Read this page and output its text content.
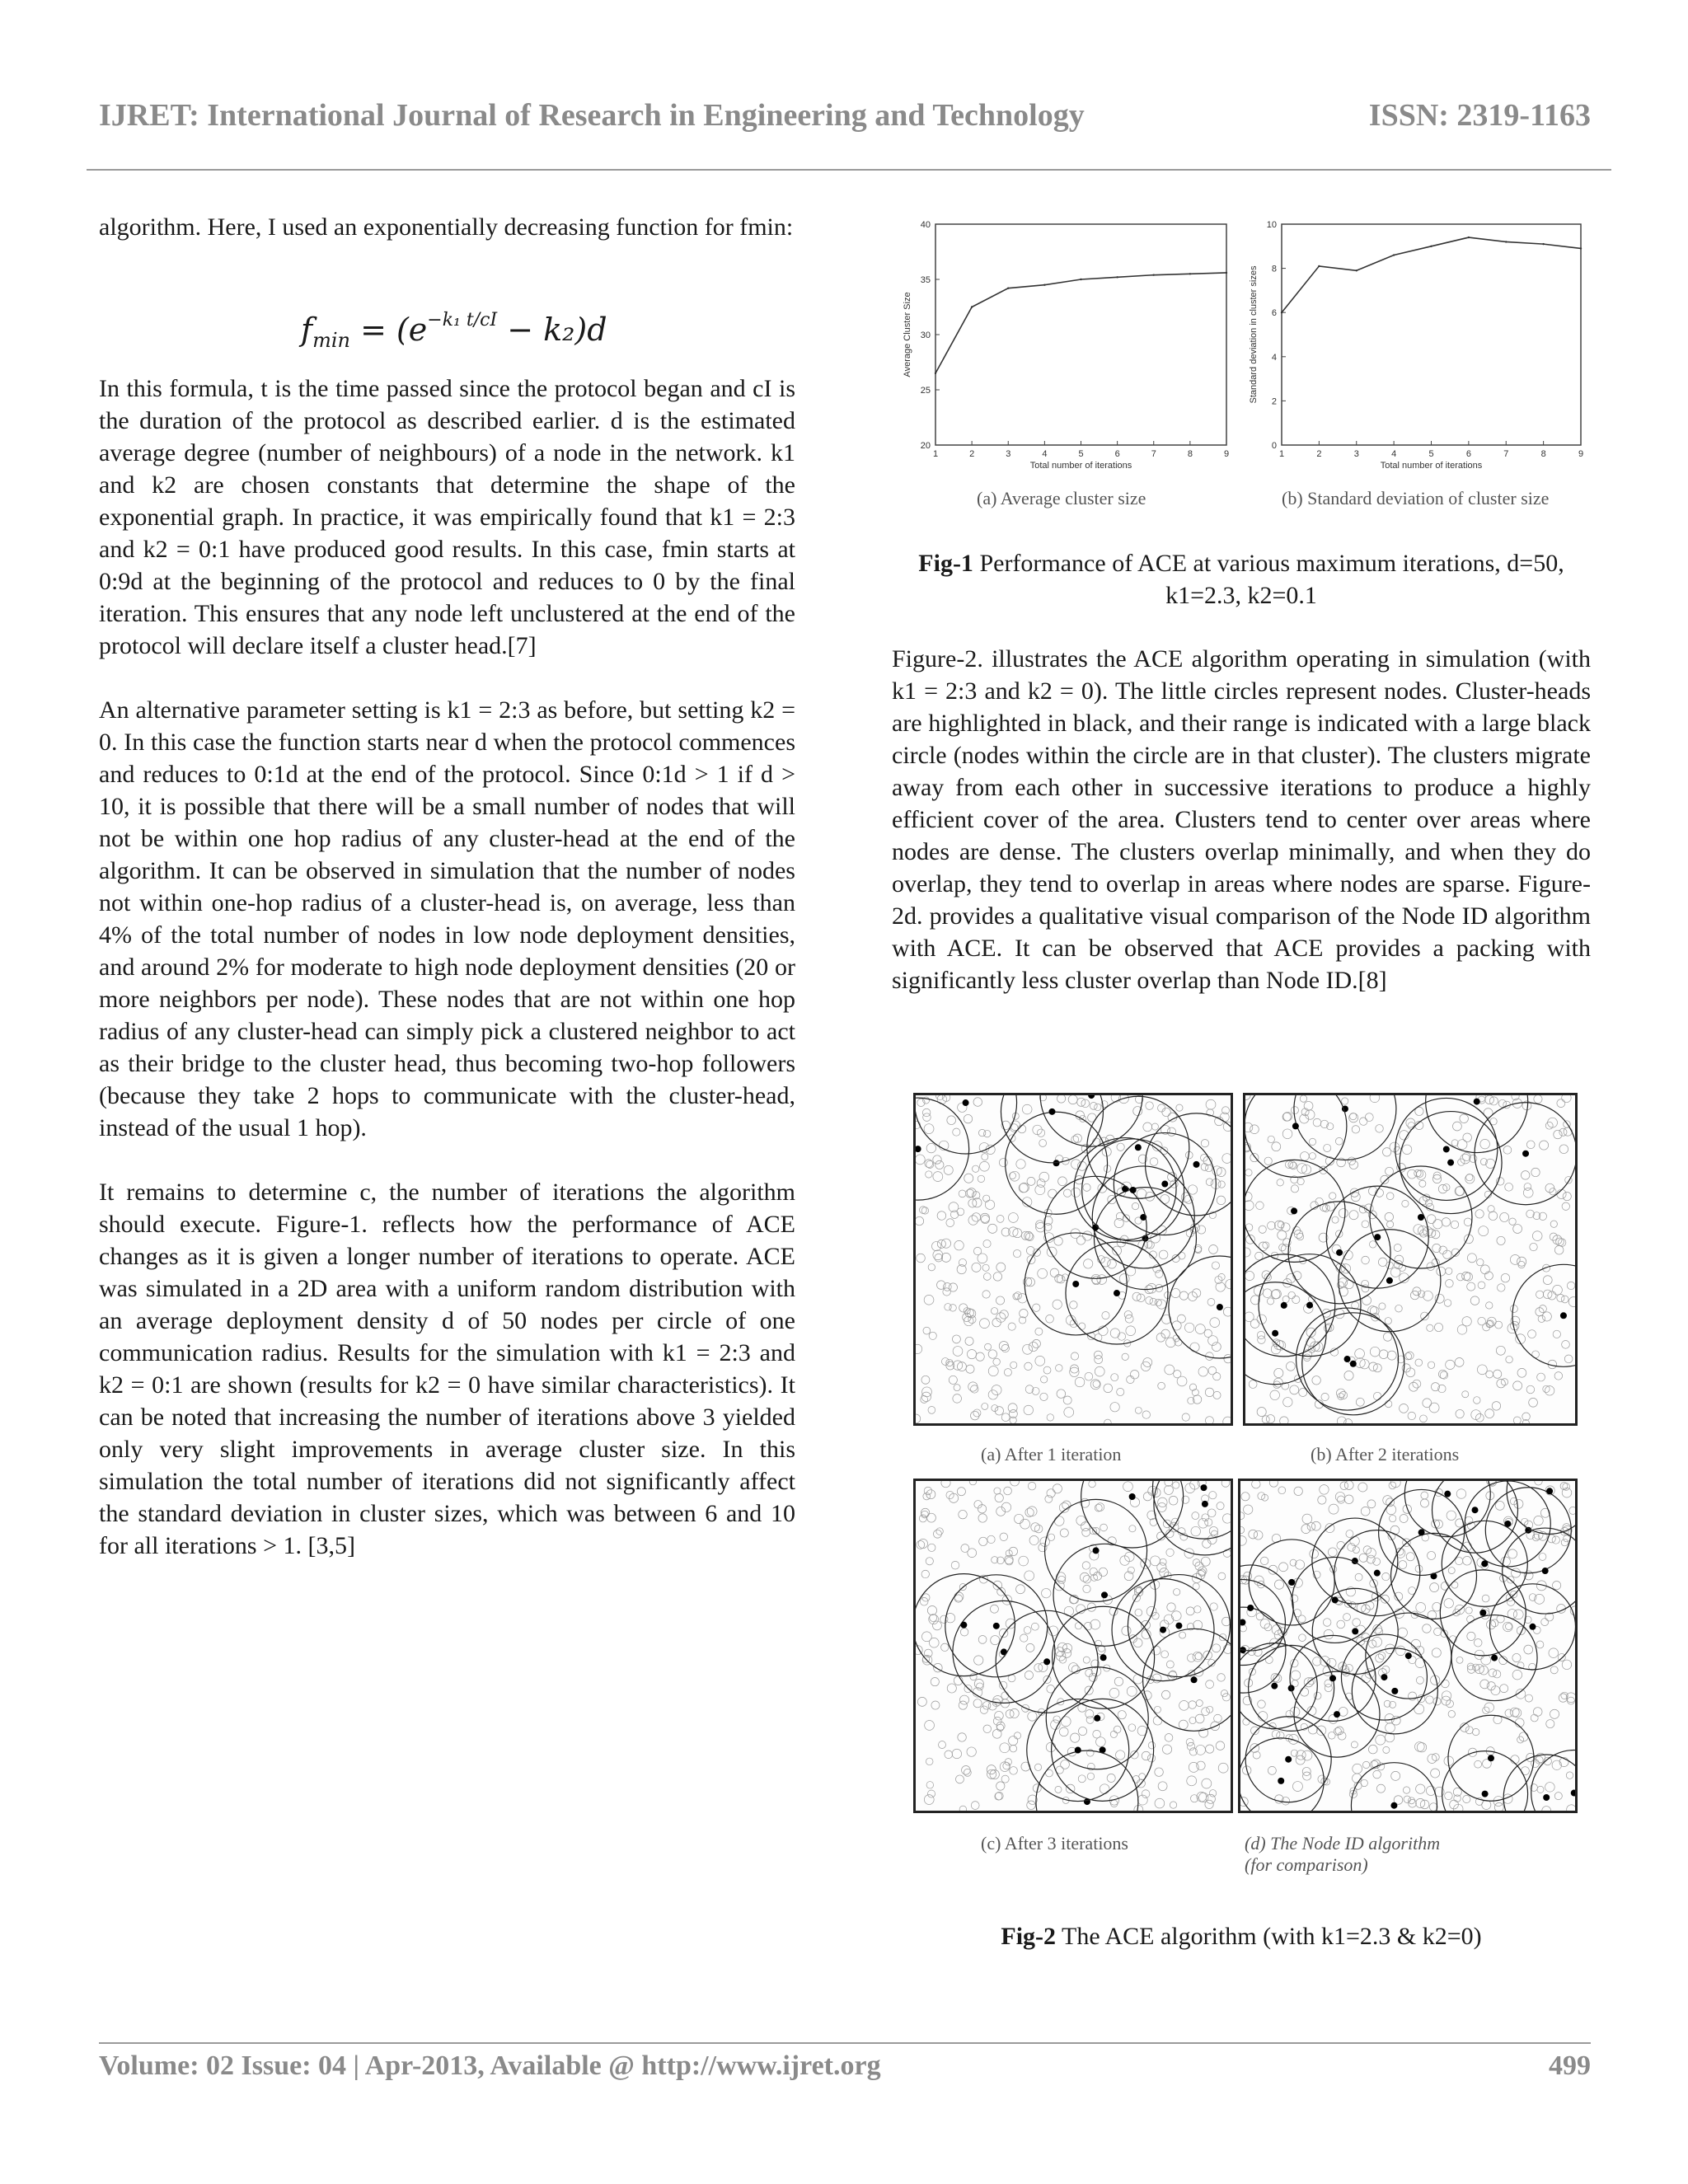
IJRET: International Journal of Research in Engineering and Technology	ISSN: 2319-1163

algorithm. Here, I used an exponentially decreasing function for fmin:

In this formula, t is the time passed since the protocol began and cI is the duration of the protocol as described earlier. d is the estimated average degree (number of neighbours) of a node in the network. k1 and k2 are chosen constants that determine the shape of the exponential graph. In practice, it was empirically found that k1 = 2:3 and k2 = 0:1 have produced good results. In this case, fmin starts at 0:9d at the beginning of the protocol and reduces to 0 by the final iteration. This ensures that any node left unclustered at the end of the protocol will declare itself a cluster head.[7]

An alternative parameter setting is k1 = 2:3 as before, but setting k2 = 0. In this case the function starts near d when the protocol commences and reduces to 0:1d at the end of the protocol. Since 0:1d > 1 if d > 10, it is possible that there will be a small number of nodes that will not be within one hop radius of any cluster-head at the end of the algorithm. It can be observed in simulation that the number of nodes not within one-hop radius of a cluster-head is, on average, less than 4% of the total number of nodes in low node deployment densities, and around 2% for moderate to high node deployment densities (20 or more neighbors per node). These nodes that are not within one hop radius of any cluster-head can simply pick a clustered neighbor to act as their bridge to the cluster head, thus becoming two-hop followers (because they take 2 hops to communicate with the cluster-head, instead of the usual 1 hop).

It remains to determine c, the number of iterations the algorithm should execute. Figure-1. reflects how the performance of ACE changes as it is given a longer number of iterations to operate. ACE was simulated in a 2D area with a uniform random distribution with an average deployment density d of 50 nodes per circle of one communication radius. Results for the simulation with k1 = 2:3 and k2 = 0:1 are shown (results for k2 = 0 have similar characteristics). It can be noted that increasing the number of iterations above 3 yielded only very slight improvements in average cluster size. In this simulation the total number of iterations did not significantly affect the standard deviation in cluster sizes, which was between 6 and 10 for all iterations > 1. [3,5]

$f_{min} = (e^{-k_1 t/cI} - k_2)d$
1	2	3	4	5	6	7	8	9
20
25
30
35
40
Total number of iterations
Average Cluster Size
1	2	3	4	5	6	7	8	9
0
2
4
6
8
10
Total number of iterations
Standard deviation in cluster sizes
(a) Average cluster size	(b) Standard deviation of cluster size
Fig-1 Performance of ACE at various maximum iterations, d=50, k1=2.3, k2=0.1

Figure-2. illustrates the ACE algorithm operating in simulation (with k1 = 2:3 and k2 = 0). The little circles represent nodes. Cluster-heads are highlighted in black, and their range is indicated with a large black circle (nodes within the circle are in that cluster). The clusters migrate away from each other in successive iterations to produce a highly efficient cover of the area. Clusters tend to center over areas where nodes are dense. The clusters overlap minimally, and when they do overlap, they tend to overlap in areas where nodes are sparse. Figure-2d. provides a qualitative visual comparison of the Node ID algorithm with ACE. It can be observed that ACE provides a packing with significantly less cluster overlap than Node ID.[8]

(a) After 1 iteration	(b) After 2 iterations
(c) After 3 iterations	(d) The Node ID algorithm
(for comparison)
Fig-2 The ACE algorithm (with k1=2.3 & k2=0)
Volume: 02 Issue: 04 | Apr-2013, Available @ http://www.ijret.org	499
